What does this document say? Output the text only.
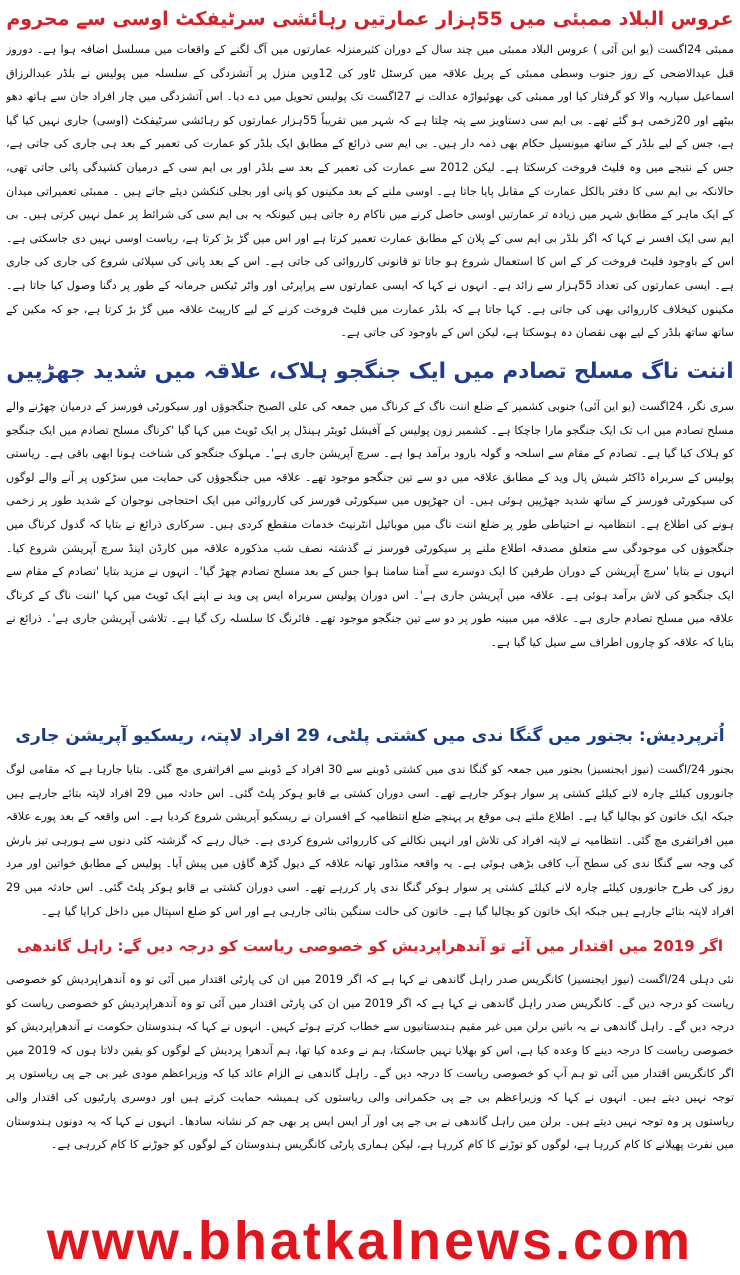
عروس البلاد ممبئی میں 55ہزار عمارتیں رہائشی سرٹیفکٹ اوسی سے محروم
ممبئی 24اگست (یو این آئی ) عروس البلاد ممبئی میں چند سال کے دوران کثیرمنزلہ عمارتوں میں آگ لگنے کے واقعات میں مسلسل اضافہ ہوا ہے۔ دوروز قبل عیدالاضحی کے روز جنوب وسطی ممبئی کے پریل علاقہ میں کرسٹل ٹاور کی 12ویں منزل پر آتشزدگی کے سلسلہ میں پولیس نے بلڈر عبدالرزاق اسماعیل سپاریہ والا کو گرفتار کیا اور ممبئی کی بھوئیواڑہ عدالت نے 27اگست تک پولیس تحویل میں دے دیا۔ اس آتشزدگی میں چار افراد جان سے ہاتھ دھو بیٹھے اور 20زخمی ہو گئے تھے۔ بی ایم سی دستاویز سے پتہ چلتا ہے کہ شہر میں تقریباً 55ہزار عمارتوں کو رہائشی سرٹیفکٹ (اوسی) جاری نہیں کیا گیا ہے، جس کے لیے بلڈر کے ساتھ میونسپل حکام بھی ذمہ دار ہیں۔ بی ایم سی ذرائع کے مطابق ایک بلڈر کو عمارت کی تعمیر کے بعد ہی جاری کی جاتی ہے، جس کے نتیجے میں وہ فلیٹ فروخت کرسکتا ہے۔ لیکن 2012 سے عمارت کی تعمیر کے بعد سے بلڈر اور بی ایم سی کے درمیان کشیدگی پائی جاتی تھی، حالانکہ بی ایم سی کا دفتر بالکل عمارت کے مقابل پایا جاتا ہے۔ اوسی ملنے کے بعد مکینوں کو پانی اور بجلی کنکشن دیئے جاتے ہیں ۔ ممبئی تعمیراتی میدان کے ایک ماہر کے مطابق شہر میں زیادہ تر عمارتیں اوسی حاصل کرنے میں ناکام رہ جاتی ہیں کیونکہ یہ بی ایم سی کی شرائط پر عمل نہیں کرتی ہیں۔ بی ایم سی ایک افسر نے کہا کہ اگر بلڈر بی ایم سی کے پلان کے مطابق عمارت تعمیر کرتا ہے اور اس میں گڑ بڑ کرتا ہے، ریاست اوسی نہیں دی جاسکتی ہے۔ اس کے باوجود فلیٹ فروخت کر کے اس کا استعمال شروع ہو جاتا تو قانونی کارروائی کی جاتی ہے۔ اس کے بعد پانی کی سپلائی شروع کی جاری کی جاری ہے۔ ایسی عمارتوں کی تعداد 55ہزار سے زائد ہے۔ انہوں نے کہا کہ ایسی عمارتوں سے پراپرٹی اور واٹر ٹیکس جرمانہ کے طور پر دگنا وصول کیا جاتا ہے۔ مکینوں کیخلاف کارروائی بھی کی جاتی ہے۔ کہا جاتا ہے کہ بلڈر عمارت میں فلیٹ فروخت کرنے کے لیے کارپیٹ علاقہ میں گڑ بڑ کرتا ہے، جو کہ مکین کے ساتھ ساتھ بلڈر کے لیے بھی نقصان دہ ہوسکتا ہے، لیکن اس کے باوجود کی جاتی ہے۔
اننت ناگ مسلح تصادم میں ایک جنگجو ہلاک، علاقہ میں شدید جھڑپیں
سری نگر، 24اگست (یو این آئی) جنوبی کشمیر کے ضلع اننت ناگ کے کرناگ میں جمعہ کی علی الصبح جنگجوؤں اور سیکورٹی فورسز کے درمیان چھڑنے والے مسلح تصادم میں اب تک ایک جنگجو مارا جاچکا ہے۔ کشمیر زون پولیس کے آفیشل ٹویٹر ہینڈل پر ایک ٹویٹ میں کہا گیا 'کرناگ مسلح تصادم میں ایک جنگجو کو ہلاک کیا گیا ہے۔ تصادم کے مقام سے اسلحہ و گولہ بارود برآمد ہوا ہے۔ سرچ آپریشن جاری ہے'۔ مہلوک جنگجو کی شناخت ہونا ابھی باقی ہے۔ ریاستی پولیس کے سربراہ ڈاکٹر شیش پال وید کے مطابق علاقہ میں دو سے تین جنگجو موجود تھے۔ علاقہ میں جنگجوؤں کی حمایت میں سڑکوں پر آنے والے لوگوں کی سیکورٹی فورسز کے ساتھ شدید جھڑپیں ہوئی ہیں۔ ان جھڑپوں میں سیکورٹی فورسز کی کارروائی میں ایک احتجاجی نوجوان کے شدید طور پر زخمی ہونے کی اطلاع ہے۔ انتظامیہ نے احتیاطی طور پر ضلع اننت ناگ میں موبائیل انٹرنیٹ خدمات منقطع کردی ہیں۔ سرکاری ذرائع نے بتایا کہ گدول کرناگ میں جنگجوؤں کی موجودگی سے متعلق مصدقہ اطلاع ملنے پر سیکورٹی فورسز نے گذشتہ نصف شب مذکورہ علاقہ میں کارڈن اینڈ سرچ آپریشن شروع کیا۔ انہوں نے بتایا 'سرچ آپریشن کے دوران طرفین کا ایک دوسرے سے آمنا سامنا ہوا جس کے بعد مسلح تصادم چھڑ گیا'۔ انہوں نے مزید بتایا 'تصادم کے مقام سے ایک جنگجو کی لاش برآمد ہوئی ہے۔ علاقہ میں آپریشن جاری ہے'۔ اس دوران پولیس سربراہ ایس پی وید نے اپنے ایک ٹویٹ میں کہا 'اننت ناگ کے کرناگ علاقہ میں مسلح تصادم جاری ہے۔ علاقہ میں مبینہ طور پر دو سے تین جنگجو موجود تھے۔ فائرنگ کا سلسلہ رک گیا ہے۔ تلاشی آپریشن جاری ہے'۔ ذرائع نے بتایا کہ علاقہ کو چاروں اطراف سے سیل کیا گیا ہے۔
اُترپردیش: بجنور میں گنگا ندی میں کشتی پلٹی، 29 افراد لاپتہ، ریسکیو آپریشن جاری
بجنور 24/اگست (نیوز ایجنسیز) بجنور میں جمعہ کو گنگا ندی میں کشتی ڈوبنے سے 30 افراد کے ڈوبنے سے افراتفری مچ گئی۔ بتایا جارہا ہے کہ مقامی لوگ جانوروں کیلئے چارہ لانے کیلئے کشتی پر سوار ہوکر جارہے تھے۔ اسی دوران کشتی بے قابو ہوکر پلٹ گئی۔ اس حادثہ میں 29 افراد لاپتہ بتائے جارہے ہیں جبکہ ایک خاتون کو بچالیا گیا ہے۔ اطلاع ملتے ہی موقع پر پہنچے ضلع انتظامیہ کے افسران نے ریسکیو آپریشن شروع کردیا ہے۔ اس واقعہ کے بعد پورے علاقہ میں افراتفری مچ گئی۔ انتظامیہ نے لاپتہ افراد کی تلاش اور انہیں نکالنے کی کارروائی شروع کردی ہے۔ خیال رہے کہ گزشتہ کئی دنوں سے ہورہی تیز بارش کی وجہ سے گنگا ندی کی سطح آب کافی بڑھی ہوئی ہے۔ یہ واقعہ منڈاور تھانہ علاقہ کے دیول گڑھ گاؤں میں پیش آیا۔ پولیس کے مطابق خواتین اور مرد روز کی طرح جانوروں کیلئے چارہ لانے کیلئے کشتی پر سوار ہوکر گنگا ندی پار کررہے تھے۔ اسی دوران کشتی بے قابو ہوکر پلٹ گئی۔ اس حادثہ میں 29 افراد لاپتہ بتائے جارہے ہیں جبکہ ایک خاتون کو بچالیا گیا ہے۔ خاتون کی حالت سنگین بتائی جارہی ہے اور اس کو ضلع اسپتال میں داخل کرایا گیا ہے۔
اگر 2019 میں اقتدار میں آئے تو آندھراپردیش کو خصوصی ریاست کو درجہ دیں گے: راہل گاندھی
نئی دہلی 24/اگست (نیوز ایجنسیز) کانگریس صدر راہل گاندھی نے کہا ہے کہ اگر 2019 میں ان کی پارٹی اقتدار میں آئی تو وہ آندھراپردیش کو خصوصی ریاست کو درجہ دیں گے۔ کانگریس صدر راہل گاندھی نے کہا ہے کہ اگر 2019 میں ان کی پارٹی اقتدار میں آئی تو وہ آندھراپردیش کو خصوصی ریاست کو درجہ دیں گے۔ راہل گاندھی نے یہ باتیں برلن میں غیر مقیم ہندستانیوں سے خطاب کرتے ہوئے کہیں۔ انہوں نے کہا کہ ہندوستان حکومت نے آندھراپردیش کو خصوصی ریاست کا درجہ دینے کا وعدہ کیا ہے، اس کو بھلایا نہیں جاسکتا، ہم نے وعدہ کیا تھا، ہم آندھرا پردیش کے لوگوں کو یقین دلاتا ہوں کہ 2019 میں اگر کانگریس اقتدار میں آئی تو ہم آپ کو خصوصی ریاست کا درجہ دیں گے۔ راہل گاندھی نے الزام عائد کیا کہ وزیراعظم مودی غیر بی جے پی ریاستوں پر توجہ نہیں دیتے ہیں۔ انہوں نے کہا کہ وزیراعظم بی جے پی حکمرانی والی ریاستوں کی ہمیشہ حمایت کرتے ہیں اور دوسری پارٹیوں کی اقتدار والی ریاستوں پر وہ توجہ نہیں دیتے ہیں۔ برلن میں راہل گاندھی نے بی جے پی اور آر ایس ایس پر بھی جم کر نشانہ سادھا۔ انہوں نے کہا کہ یہ دونوں ہندوستان میں نفرت پھیلانے کا کام کررہا ہے، لوگوں کو توڑنے کا کام کررہا ہے، لیکن ہماری پارٹی کانگریس ہندوستان کے لوگوں کو جوڑنے کا کام کررہی ہے۔
www.bhatkalnews.com
